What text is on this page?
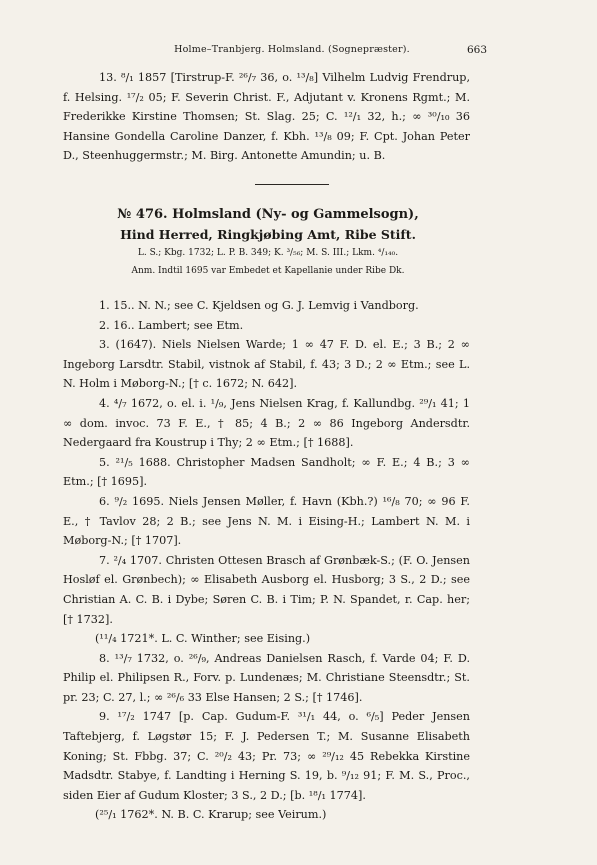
Holme–Tranbjerg. Holmsland. (Sognepræster).	663

13. ⁸/₁ 1857 [Tirstrup-F. ²⁶/₇ 36, o. ¹³/₈] Vilhelm Ludvig Frendrup, f. Helsing. ¹⁷/₂ 05; F. Severin Christ. F., Adjutant v. Kronens Rgmt.; M. Frederikke Kirstine Thomsen; St. Slag. 25; C. ¹²/₁ 32, h.; ∞ ³⁰/₁₀ 36 Hansine Gondella Caroline Danzer, f. Kbh. ¹³/₈ 09; F. Cpt. Johan Peter D., Steenhuggermstr.; M. Birg. Antonette Amundin; u. B.

№ 476. Holmsland (Ny- og Gammelsogn),
Hind Herred, Ringkjøbing Amt, Ribe Stift.
L. S.; Kbg. 1732; L. P. B. 349; K. ³/₅₆; M. S. III.; Lkm. ⁴/₁₄₀.
Anm. Indtil 1695 var Embedet et Kapellanie under Ribe Dk.

1. 15.. N. N.; see C. Kjeldsen og G. J. Lemvig i Vandborg.

2. 16.. Lambert; see Etm.

3. (1647). Niels Nielsen Warde; 1 ∞ 47 F. D. el. E.; 3 B.; 2 ∞ Ingeborg Larsdtr. Stabil, vistnok af Stabil, f. 43; 3 D.; 2 ∞ Etm.; see L. N. Holm i Møborg-N.; [† c. 1672; N. 642].

4. ⁴/₇ 1672, o. el. i. ¹/₉, Jens Nielsen Krag, f. Kallundbg. ²⁹/₁ 41; 1 ∞ dom. invoc. 73 F. E., † 85; 4 B.; 2 ∞ 86 Ingeborg Andersdtr. Nedergaard fra Koustrup i Thy; 2 ∞ Etm.; [† 1688].

5. ²¹/₅ 1688. Christopher Madsen Sandholt; ∞ F. E.; 4 B.; 3 ∞ Etm.; [† 1695].

6. ⁹/₂ 1695. Niels Jensen Møller, f. Havn (Kbh.?) ¹⁶/₈ 70; ∞ 96 F. E., † Tavlov 28; 2 B.; see Jens N. M. i Eising-H.; Lambert N. M. i Møborg-N.; [† 1707].

7. ²/₄ 1707. Christen Ottesen Brasch af Grønbæk-S.; (F. O. Jensen Hosløf el. Grønbech); ∞ Elisabeth Ausborg el. Husborg; 3 S., 2 D.; see Christian A. C. B. i Dybe; Søren C. B. i Tim; P. N. Spandet, r. Cap. her; [† 1732].

(¹¹/₄ 1721*. L. C. Winther; see Eising.)

8. ¹³/₇ 1732, o. ²⁶/₉, Andreas Danielsen Rasch, f. Varde 04; F. D. Philip el. Philipsen R., Forv. p. Lundenæs; M. Christiane Steensdtr.; St. pr. 23; C. 27, l.; ∞ ²⁶/₆ 33 Else Hansen; 2 S.; [† 1746].

9. ¹⁷/₂ 1747 [p. Cap. Gudum-F. ³¹/₁ 44, o. ⁶/₅] Peder Jensen Taftebjerg, f. Løgstør 15; F. J. Pedersen T.; M. Susanne Elisabeth Koning; St. Fbbg. 37; C. ²⁰/₂ 43; Pr. 73; ∞ ²⁹/₁₂ 45 Rebekka Kirstine Madsdtr. Stabye, f. Landting i Herning S. 19, b. ⁹/₁₂ 91; F. M. S., Proc., siden Eier af Gudum Kloster; 3 S., 2 D.; [b. ¹⁸/₁ 1774].

(²⁵/₁ 1762*. N. B. C. Krarup; see Veirum.)
